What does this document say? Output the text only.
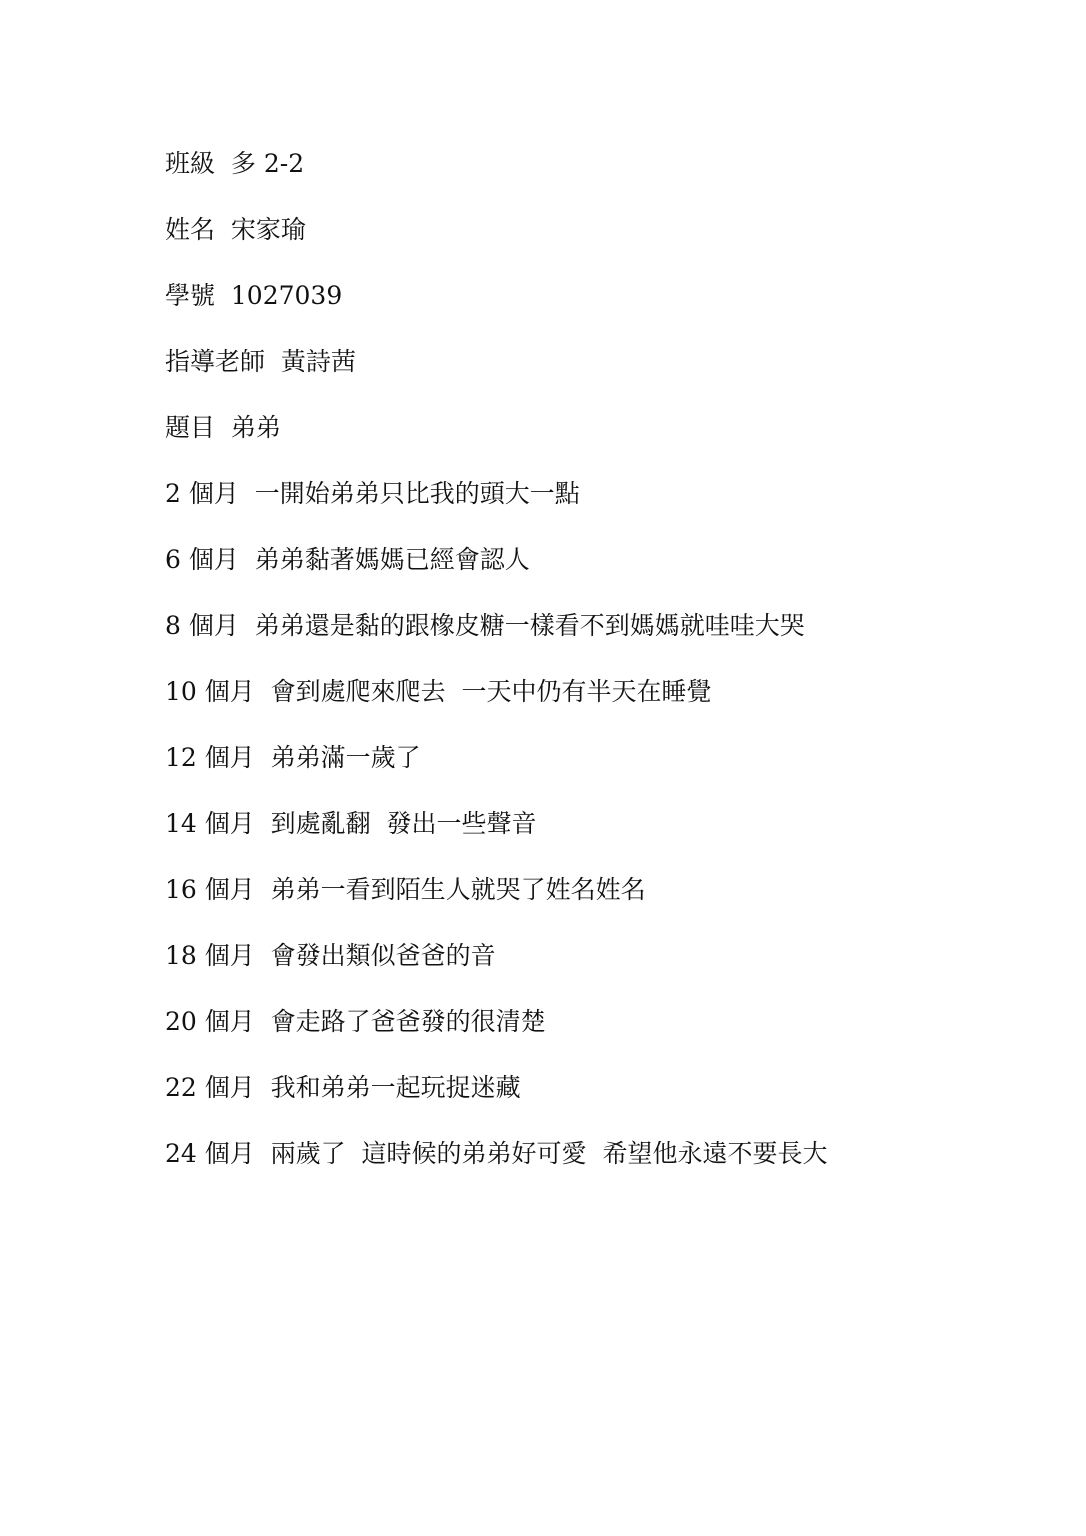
班級  多 2-2
姓名  宋家瑜
學號  1027039
指導老師  黃詩茜
題目  弟弟
2 個月  一開始弟弟只比我的頭大一點
6 個月  弟弟黏著媽媽已經會認人
8 個月  弟弟還是黏的跟橡皮糖一樣看不到媽媽就哇哇大哭
10 個月  會到處爬來爬去  一天中仍有半天在睡覺
12 個月  弟弟滿一歲了
14 個月  到處亂翻  發出一些聲音
16 個月  弟弟一看到陌生人就哭了姓名姓名
18 個月  會發出類似爸爸的音
20 個月  會走路了爸爸發的很清楚
22 個月  我和弟弟一起玩捉迷藏
24 個月  兩歲了  這時候的弟弟好可愛  希望他永遠不要長大
